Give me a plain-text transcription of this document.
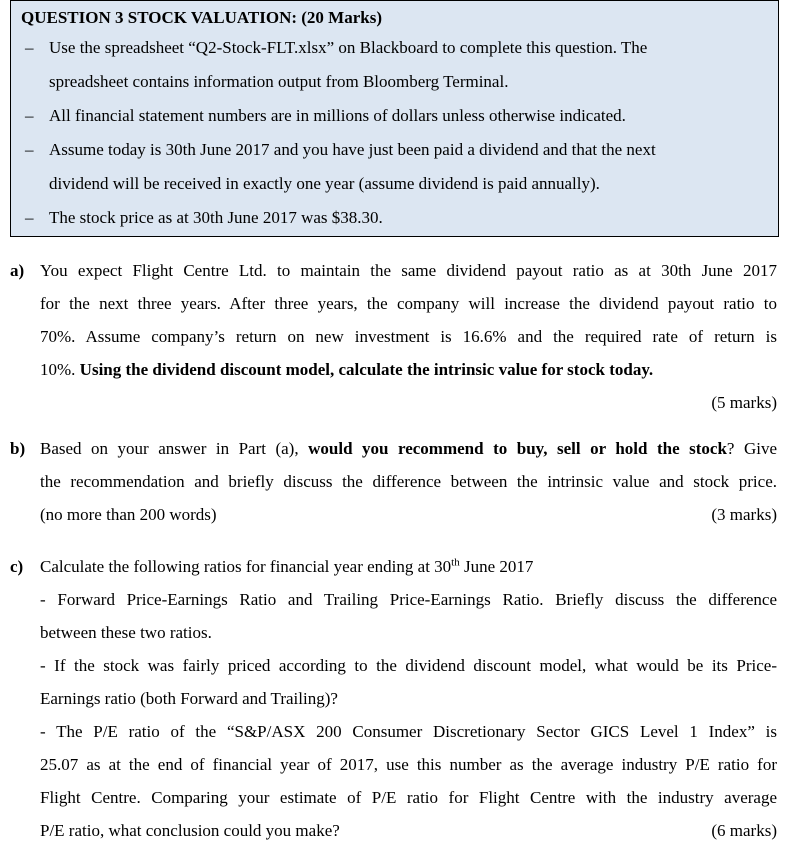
QUESTION 3 STOCK VALUATION: (20 Marks)
– Use the spreadsheet “Q2-Stock-FLT.xlsx” on Blackboard to complete this question. The
spreadsheet contains information output from Bloomberg Terminal.
– All financial statement numbers are in millions of dollars unless otherwise indicated.
– Assume today is 30th June 2017 and you have just been paid a dividend and that the next
dividend will be received in exactly one year (assume dividend is paid annually).
– The stock price as at 30th June 2017 was $38.30.
a) You expect Flight Centre Ltd. to maintain the same dividend payout ratio as at 30th June 2017
for the next three years. After three years, the company will increase the dividend payout ratio to
70%. Assume company’s return on new investment is 16.6% and the required rate of return is
10%. Using the dividend discount model, calculate the intrinsic value for stock today.
(5 marks)
b) Based on your answer in Part (a), would you recommend to buy, sell or hold the stock? Give
the recommendation and briefly discuss the difference between the intrinsic value and stock price.
(no more than 200 words)	(3 marks)
c) Calculate the following ratios for financial year ending at 30th June 2017
- Forward Price-Earnings Ratio and Trailing Price-Earnings Ratio. Briefly discuss the difference
between these two ratios.
- If the stock was fairly priced according to the dividend discount model, what would be its Price-
Earnings ratio (both Forward and Trailing)?
- The P/E ratio of the “S&P/ASX 200 Consumer Discretionary Sector GICS Level 1 Index” is
25.07 as at the end of financial year of 2017, use this number as the average industry P/E ratio for
Flight Centre. Comparing your estimate of P/E ratio for Flight Centre with the industry average
P/E ratio, what conclusion could you make?	(6 marks)
